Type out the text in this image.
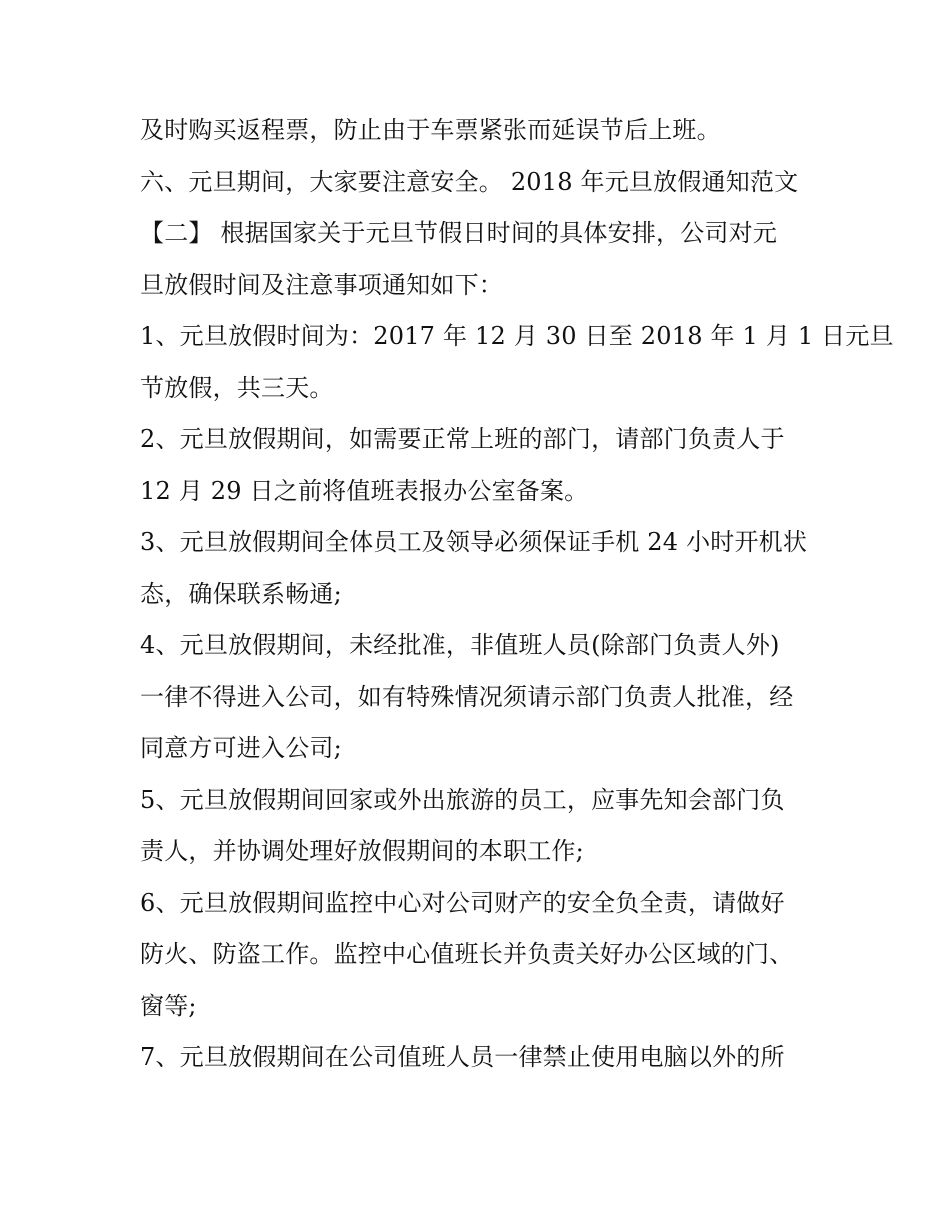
及时购买返程票，防止由于车票紧张而延误节后上班。
六、元旦期间，大家要注意安全。 2018 年元旦放假通知范文
【二】 根据国家关于元旦节假日时间的具体安排，公司对元
旦放假时间及注意事项通知如下：
1、元旦放假时间为：2017 年 12 月 30 日至 2018 年 1 月 1 日元旦
节放假，共三天。
2、元旦放假期间，如需要正常上班的部门，请部门负责人于
12 月 29 日之前将值班表报办公室备案。
3、元旦放假期间全体员工及领导必须保证手机 24 小时开机状
态，确保联系畅通;
4、元旦放假期间，未经批准，非值班人员(除部门负责人外)
一律不得进入公司，如有特殊情况须请示部门负责人批准，经
同意方可进入公司;
5、元旦放假期间回家或外出旅游的员工，应事先知会部门负
责人，并协调处理好放假期间的本职工作;
6、元旦放假期间监控中心对公司财产的安全负全责，请做好
防火、防盗工作。监控中心值班长并负责关好办公区域的门、
窗等;
7、元旦放假期间在公司值班人员一律禁止使用电脑以外的所
